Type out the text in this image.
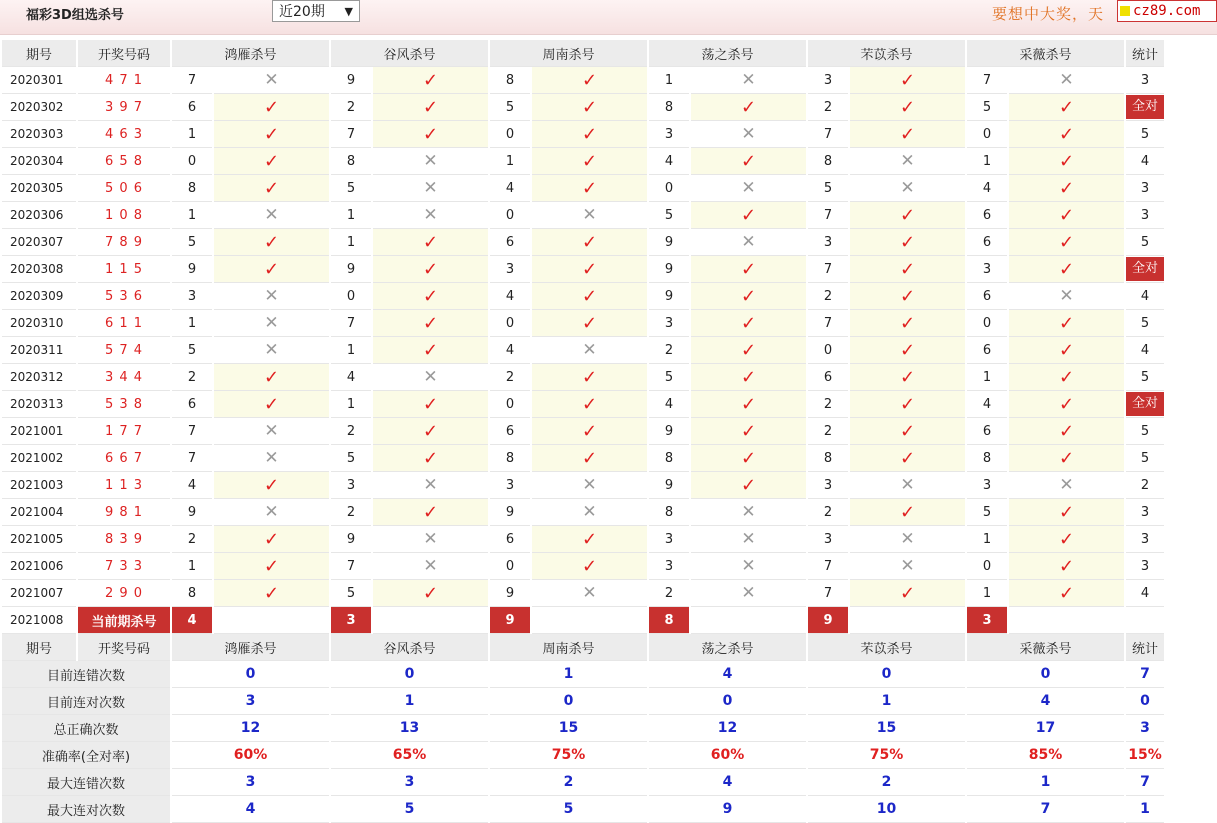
福彩3D组选杀号	近20期 ▼	要想中大奖，天	cz89.com
期号	开奖号码	鸿雁杀号		谷风杀号		周南杀号		荡之杀号		芣苡杀号		采薇杀号		统计
2020301	4 7 1	7	✕	9	✓	8	✓	1	✕	3	✓	7	✕	3
2020302	3 9 7	6	✓	2	✓	5	✓	8	✓	2	✓	5	✓	全对
2020303	4 6 3	1	✓	7	✓	0	✓	3	✕	7	✓	0	✓	5
2020304	6 5 8	0	✓	8	✕	1	✓	4	✓	8	✕	1	✓	4
2020305	5 0 6	8	✓	5	✕	4	✓	0	✕	5	✕	4	✓	3
2020306	1 0 8	1	✕	1	✕	0	✕	5	✓	7	✓	6	✓	3
2020307	7 8 9	5	✓	1	✓	6	✓	9	✕	3	✓	6	✓	5
2020308	1 1 5	9	✓	9	✓	3	✓	9	✓	7	✓	3	✓	全对
2020309	5 3 6	3	✕	0	✓	4	✓	9	✓	2	✓	6	✕	4
2020310	6 1 1	1	✕	7	✓	0	✓	3	✓	7	✓	0	✓	5
2020311	5 7 4	5	✕	1	✓	4	✕	2	✓	0	✓	6	✓	4
2020312	3 4 4	2	✓	4	✕	2	✓	5	✓	6	✓	1	✓	5
2020313	5 3 8	6	✓	1	✓	0	✓	4	✓	2	✓	4	✓	全对
2021001	1 7 7	7	✕	2	✓	6	✓	9	✓	2	✓	6	✓	5
2021002	6 6 7	7	✕	5	✓	8	✓	8	✓	8	✓	8	✓	5
2021003	1 1 3	4	✓	3	✕	3	✕	9	✓	3	✕	3	✕	2
2021004	9 8 1	9	✕	2	✓	9	✕	8	✕	2	✓	5	✓	3
2021005	8 3 9	2	✓	9	✕	6	✓	3	✕	3	✕	1	✓	3
2021006	7 3 3	1	✓	7	✕	0	✓	3	✕	7	✕	0	✓	3
2021007	2 9 0	8	✓	5	✓	9	✕	2	✕	7	✓	1	✓	4
2021008	当前期杀号	4		3		9		8		9		3		
期号	开奖号码	鸿雁杀号		谷风杀号		周南杀号		荡之杀号		芣苡杀号		采薇杀号		统计
目前连错次数		0		0		1		4		0		0		7
目前连对次数		3		1		0		0		1		4		0
总正确次数		12		13		15		12		15		17		3
准确率(全对率)		60%		65%		75%		60%		75%		85%		15%
最大连错次数		3		3		2		4		2		1		7
最大连对次数		4		5		5		9		10		7		1
